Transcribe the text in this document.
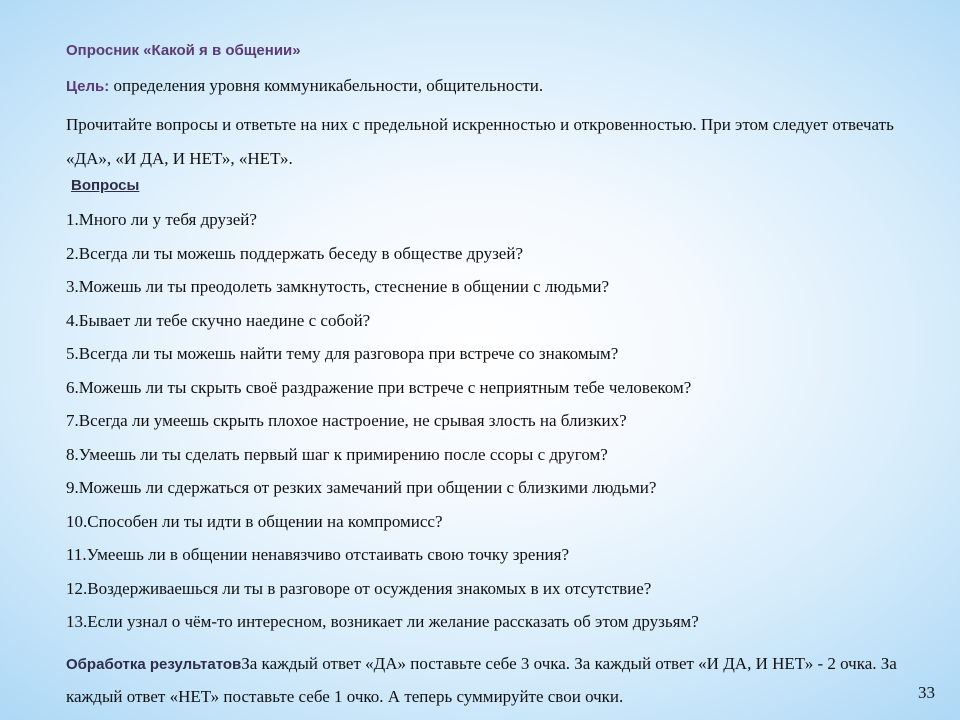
Опросник «Какой я в общении»
Цель: определения уровня коммуникабельности, общительности.
Прочитайте вопросы и ответьте на них с предельной искренностью и откровенностью. При этом следует отвечать «ДА», «И ДА, И НЕТ», «НЕТ».
Вопросы
1.Много ли у тебя друзей?
2.Всегда ли ты можешь поддержать беседу в обществе друзей?
3.Можешь ли ты преодолеть замкнутость, стеснение в общении с людьми?
4.Бывает ли тебе скучно наедине с собой?
5.Всегда ли ты можешь найти тему для разговора при встрече со знакомым?
6.Можешь ли ты скрыть своё раздражение при встрече с неприятным тебе человеком?
7.Всегда ли умеешь скрыть плохое настроение, не срывая злость на близких?
8.Умеешь ли ты сделать первый шаг к примирению после ссоры с другом?
9.Можешь ли сдержаться от резких замечаний при общении с близкими людьми?
10.Способен ли ты идти в общении на компромисс?
11.Умеешь ли в общении ненавязчиво отстаивать свою точку зрения?
12.Воздерживаешься ли ты в разговоре от осуждения знакомых в их отсутствие?
13.Если узнал о чём-то интересном, возникает ли желание рассказать об этом друзьям?
Обработка результатовЗа каждый ответ «ДА» поставьте себе 3 очка. За каждый ответ «И ДА, И НЕТ» - 2 очка. За каждый ответ «НЕТ» поставьте себе 1 очко. А теперь суммируйте свои очки.	33
